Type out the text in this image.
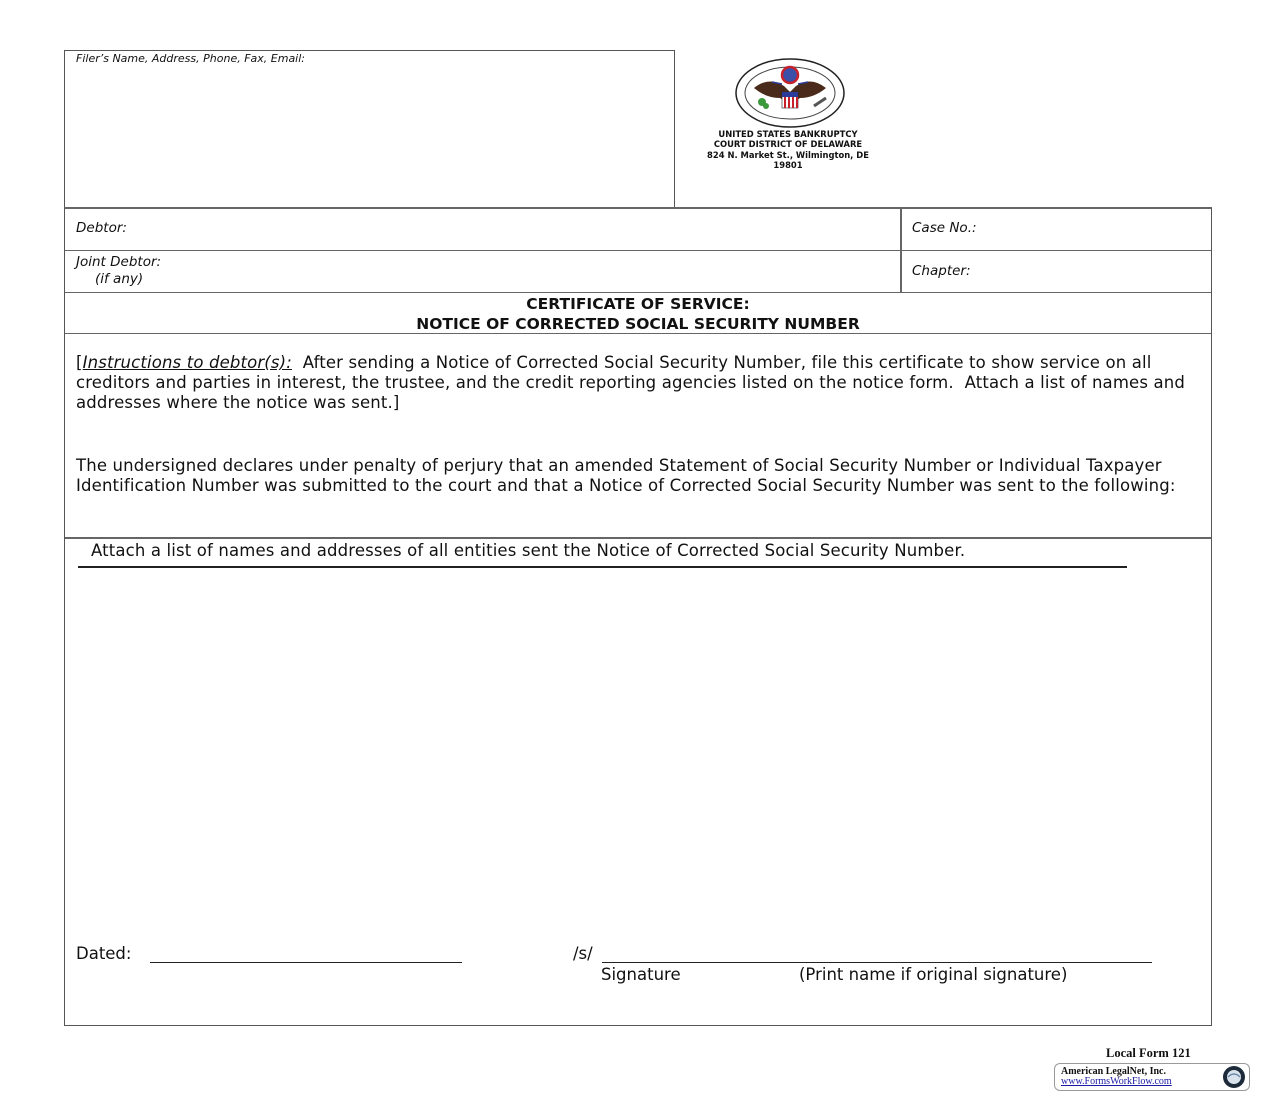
Filer’s Name, Address, Phone, Fax, Email:
UNITED STATES BANKRUPTCY
COURT DISTRICT OF DELAWARE
824 N. Market St., Wilmington, DE
19801
Debtor:	Case No.:
Joint Debtor:
(if any)	Chapter:
CERTIFICATE OF SERVICE:
NOTICE OF CORRECTED SOCIAL SECURITY NUMBER
[Instructions to debtor(s):  After sending a Notice of Corrected Social Security Number, file this certificate to show service on all creditors and parties in interest, the trustee, and the credit reporting agencies listed on the notice form.  Attach a list of names and addresses where the notice was sent.]
The undersigned declares under penalty of perjury that an amended Statement of Social Security Number or Individual Taxpayer Identification Number was submitted to the court and that a Notice of Corrected Social Security Number was sent to the following:
Attach a list of names and addresses of all entities sent the Notice of Corrected Social Security Number.
Dated:	/s/
Signature	(Print name if original signature)
Local Form 121
American LegalNet, Inc.
www.FormsWorkFlow.com
